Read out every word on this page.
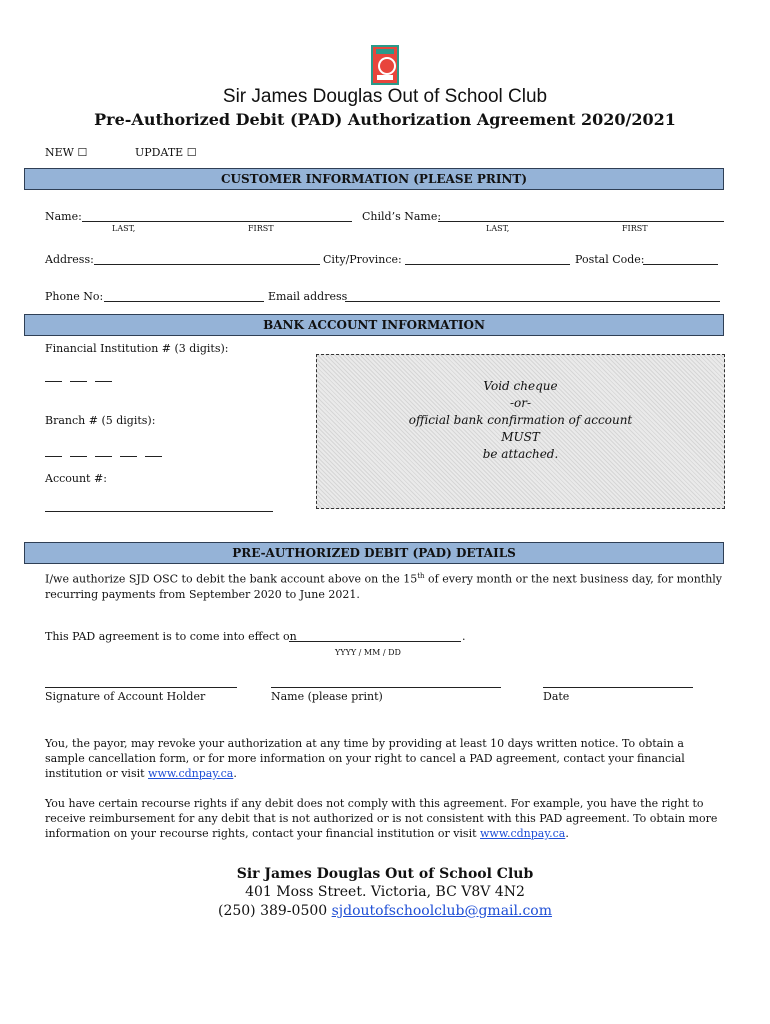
Sir James Douglas Out of School Club
Pre-Authorized Debit (PAD) Authorization Agreement 2020/2021
NEW ☐	UPDATE ☐
CUSTOMER INFORMATION (PLEASE PRINT)
Name:
LAST,	FIRST
Child’s Name:
LAST,	FIRST
Address:	City/Province:	Postal Code:
Phone No:	Email address
BANK ACCOUNT INFORMATION
Financial Institution # (3 digits):
Branch # (5 digits):
Account #:
Void cheque
-or-
official bank confirmation of account
MUST
be attached.
PRE-AUTHORIZED DEBIT (PAD) DETAILS
I/we authorize SJD OSC to debit the bank account above on the 15th of every month or the next business day, for monthly recurring payments from September 2020 to June 2021.
This PAD agreement is to come into effect on	.
YYYY / MM / DD
Signature of Account Holder	Name (please print)	Date
You, the payor, may revoke your authorization at any time by providing at least 10 days written notice. To obtain a sample cancellation form, or for more information on your right to cancel a PAD agreement, contact your financial institution or visit www.cdnpay.ca.
You have certain recourse rights if any debit does not comply with this agreement. For example, you have the right to receive reimbursement for any debit that is not authorized or is not consistent with this PAD agreement. To obtain more information on your recourse rights, contact your financial institution or visit www.cdnpay.ca.
Sir James Douglas Out of School Club
401 Moss Street. Victoria, BC V8V 4N2
(250) 389-0500 sjdoutofschoolclub@gmail.com
